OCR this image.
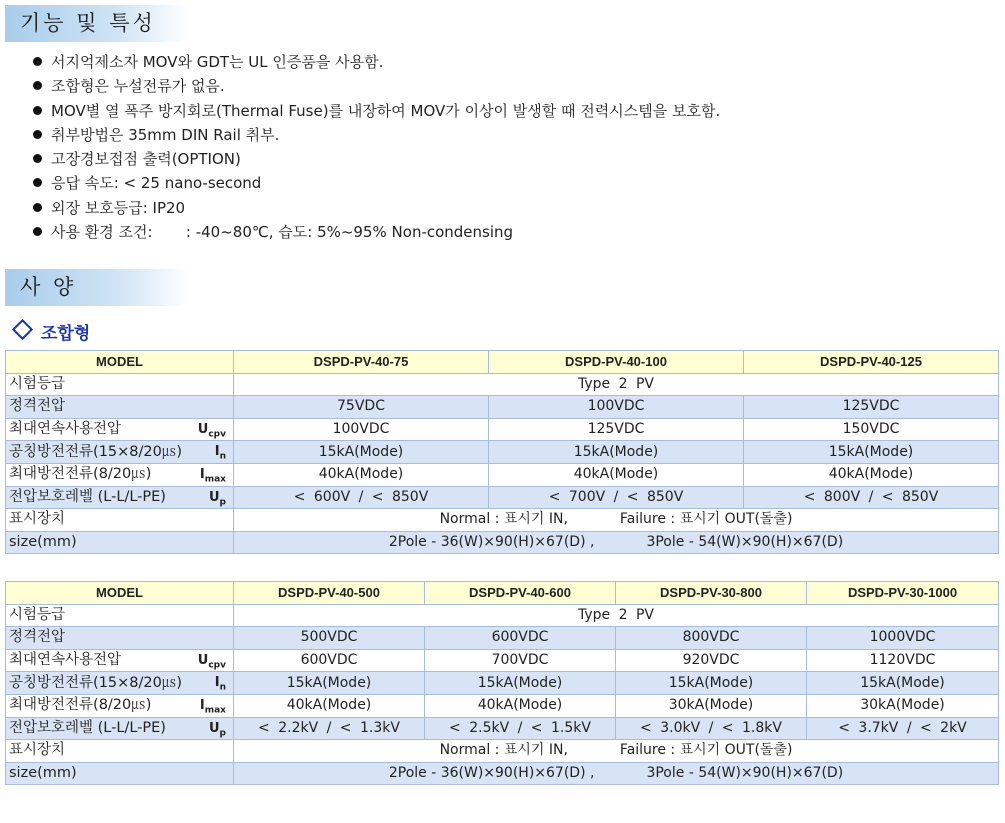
기능 및 특성
서지억제소자 MOV와 GDT는 UL 인증품을 사용함.
조합형은 누설전류가 없음.
MOV별 열 폭주 방지회로(Thermal Fuse)를 내장하여 MOV가 이상이 발생할 때 전력시스템을 보호함.
취부방법은 35mm DIN Rail 취부.
고장경보접점 출력(OPTION)
응답 속도: < 25 nano-second
외장 보호등급: IP20
사용 환경 조건:       : -40~80℃, 습도: 5%~95% Non-condensing
사 양
조합형
MODEL	DSPD-PV-40-75	DSPD-PV-40-100	DSPD-PV-40-125
시험등급	Type 2 PV		
정격전압	75VDC	100VDC	125VDC
최대연속사용전압 $U_{cpv}$	100VDC	125VDC	150VDC
공칭방전전류(15×8/20㎲) $I_n$	15kA(Mode)	15kA(Mode)	15kA(Mode)
최대방전전류(8/20㎲) $I_{max}$	40kA(Mode)	40kA(Mode)	40kA(Mode)
전압보호레벨 (L-L/L-PE) $U_p$	< 600V / < 850V	< 700V / < 850V	< 800V / < 850V
표시장치	Normal : 표시기 IN, Failure : 표시기 OUT(돌출)		
size(mm)	2Pole - 36(W)×90(H)×67(D) , 3Pole - 54(W)×90(H)×67(D)		
MODEL	DSPD-PV-40-500	DSPD-PV-40-600	DSPD-PV-30-800	DSPD-PV-30-1000
시험등급	Type 2 PV			
정격전압	500VDC	600VDC	800VDC	1000VDC
최대연속사용전압 $U_{cpv}$	600VDC	700VDC	920VDC	1120VDC
공칭방전전류(15×8/20㎲) $I_n$	15kA(Mode)	15kA(Mode)	15kA(Mode)	15kA(Mode)
최대방전전류(8/20㎲) $I_{max}$	40kA(Mode)	40kA(Mode)	30kA(Mode)	30kA(Mode)
전압보호레벨 (L-L/L-PE) $U_p$	< 2.2kV / < 1.3kV	< 2.5kV / < 1.5kV	< 3.0kV / < 1.8kV	< 3.7kV / < 2kV
표시장치	Normal : 표시기 IN, Failure : 표시기 OUT(돌출)			
size(mm)	2Pole - 36(W)×90(H)×67(D) , 3Pole - 54(W)×90(H)×67(D)			
